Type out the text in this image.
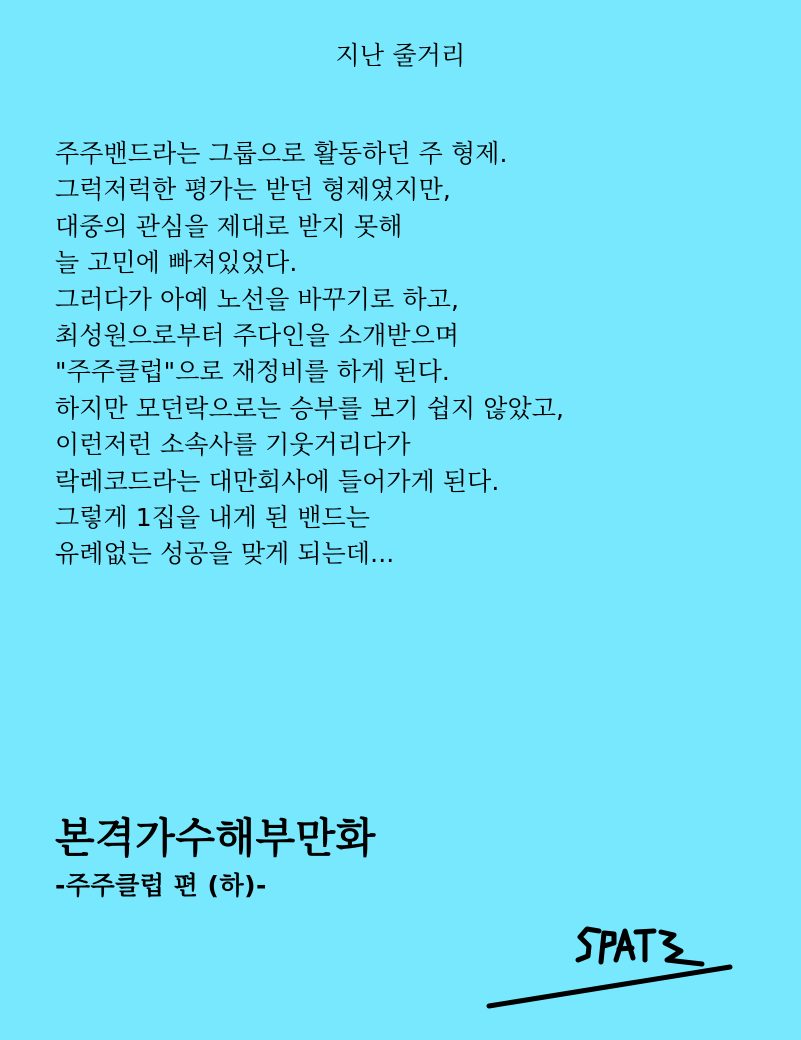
지난 줄거리
주주밴드라는 그룹으로 활동하던 주 형제.
그럭저럭한 평가는 받던 형제였지만,
대중의 관심을 제대로 받지 못해
늘 고민에 빠져있었다.
그러다가 아예 노선을 바꾸기로 하고,
최성원으로부터 주다인을 소개받으며
"주주클럽"으로 재정비를 하게 된다.
하지만 모던락으로는 승부를 보기 쉽지 않았고,
이런저런 소속사를 기웃거리다가
락레코드라는 대만회사에 들어가게 된다.
그렇게 1집을 내게 된 밴드는
유례없는 성공을 맞게 되는데...
본격가수해부만화
-주주클럽 편 (하)-
